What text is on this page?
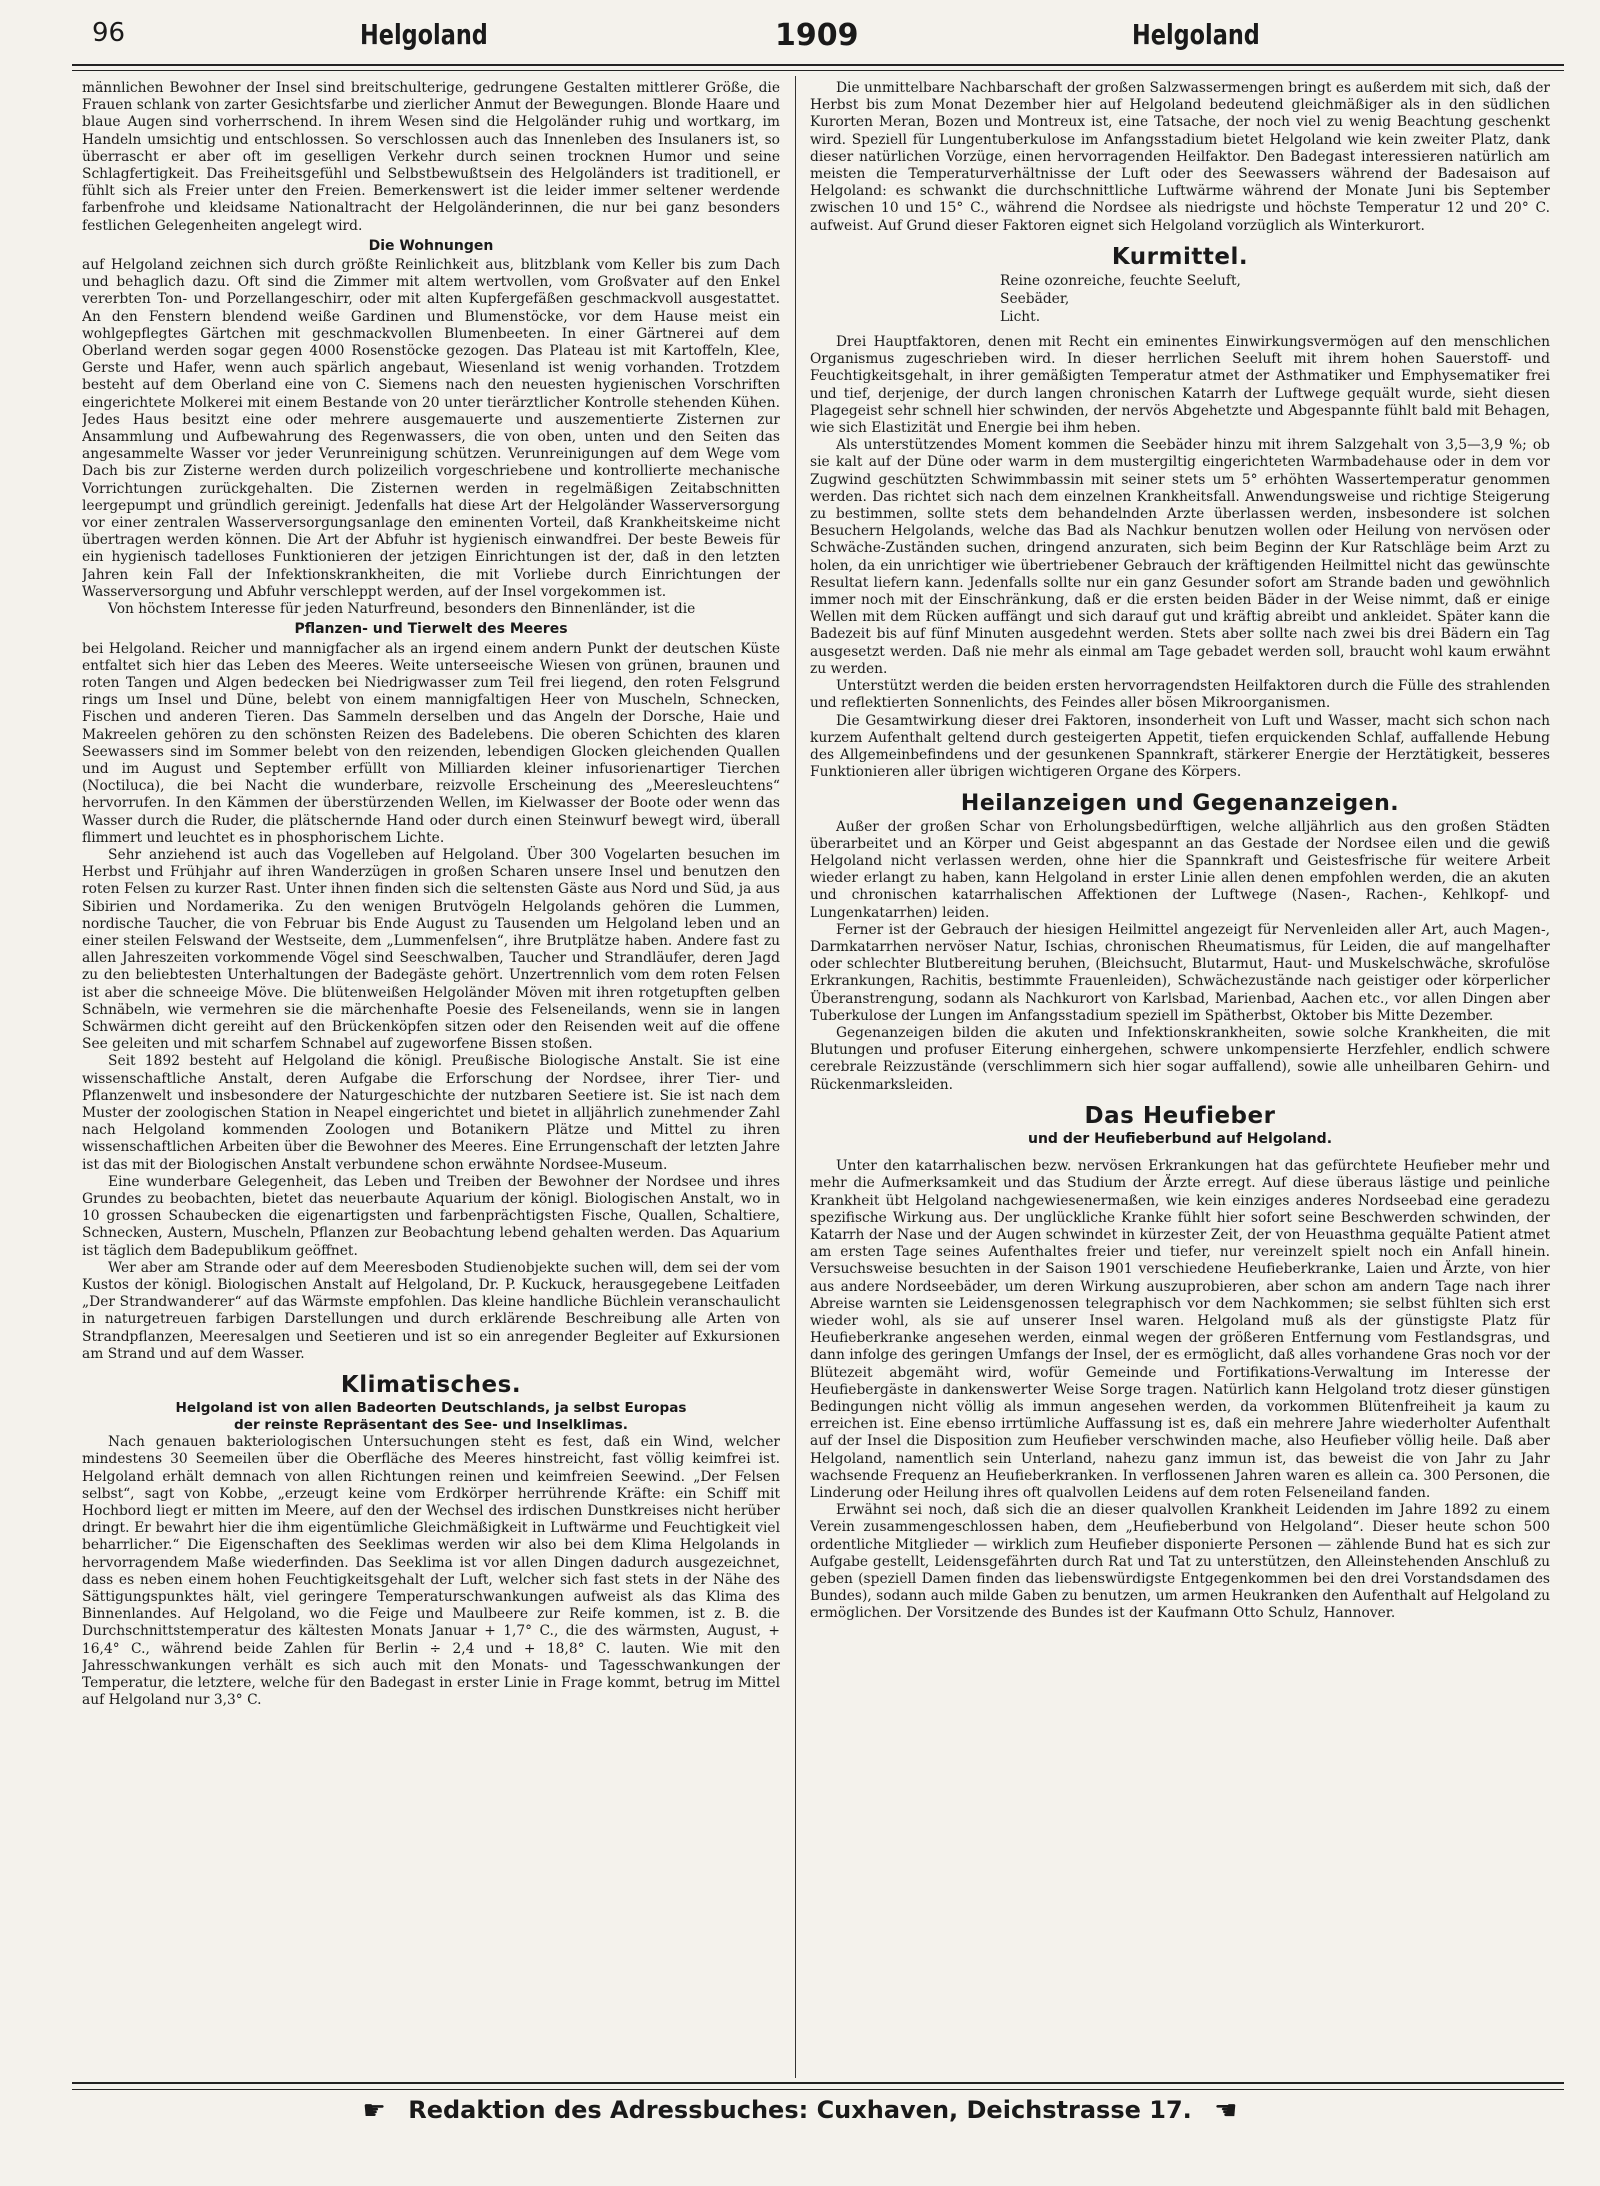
96	Helgoland	1909	Helgoland

männlichen Bewohner der Insel sind breitschulterige, gedrungene Gestalten mittlerer Größe, die Frauen schlank von zarter Gesichtsfarbe und zierlicher Anmut der Bewegungen. Blonde Haare und blaue Augen sind vorherrschend. In ihrem Wesen sind die Helgoländer ruhig und wortkarg, im Handeln umsichtig und entschlossen. So verschlossen auch das Innenleben des Insulaners ist, so überrascht er aber oft im geselligen Verkehr durch seinen trocknen Humor und seine Schlagfertigkeit. Das Freiheitsgefühl und Selbstbewußtsein des Helgoländers ist traditionell, er fühlt sich als Freier unter den Freien. Bemerkenswert ist die leider immer seltener werdende farbenfrohe und kleidsame Nationaltracht der Helgoländerinnen, die nur bei ganz besonders festlichen Gelegenheiten angelegt wird.

Die Wohnungen

auf Helgoland zeichnen sich durch größte Reinlichkeit aus, blitzblank vom Keller bis zum Dach und behaglich dazu. Oft sind die Zimmer mit altem wertvollen, vom Großvater auf den Enkel vererbten Ton- und Porzellangeschirr, oder mit alten Kupfergefäßen geschmackvoll ausgestattet. An den Fenstern blendend weiße Gardinen und Blumenstöcke, vor dem Hause meist ein wohlgepflegtes Gärtchen mit geschmackvollen Blumenbeeten. In einer Gärtnerei auf dem Oberland werden sogar gegen 4000 Rosenstöcke gezogen. Das Plateau ist mit Kartoffeln, Klee, Gerste und Hafer, wenn auch spärlich angebaut, Wiesenland ist wenig vorhanden. Trotzdem besteht auf dem Oberland eine von C. Siemens nach den neuesten hygienischen Vorschriften eingerichtete Molkerei mit einem Bestande von 20 unter tierärztlicher Kontrolle stehenden Kühen. Jedes Haus besitzt eine oder mehrere ausgemauerte und auszementierte Zisternen zur Ansammlung und Aufbewahrung des Regenwassers, die von oben, unten und den Seiten das angesammelte Wasser vor jeder Verunreinigung schützen. Verunreinigungen auf dem Wege vom Dach bis zur Zisterne werden durch polizeilich vorgeschriebene und kontrollierte mechanische Vorrichtungen zurückgehalten. Die Zisternen werden in regelmäßigen Zeitabschnitten leergepumpt und gründlich gereinigt. Jedenfalls hat diese Art der Helgoländer Wasserversorgung vor einer zentralen Wasserversorgungsanlage den eminenten Vorteil, daß Krankheitskeime nicht übertragen werden können. Die Art der Abfuhr ist hygienisch einwandfrei. Der beste Beweis für ein hygienisch tadelloses Funktionieren der jetzigen Einrichtungen ist der, daß in den letzten Jahren kein Fall der Infektionskrankheiten, die mit Vorliebe durch Einrichtungen der Wasserversorgung und Abfuhr verschleppt werden, auf der Insel vorgekommen ist.

Von höchstem Interesse für jeden Naturfreund, besonders den Binnenländer, ist die

Pflanzen- und Tierwelt des Meeres

bei Helgoland. Reicher und mannigfacher als an irgend einem andern Punkt der deutschen Küste entfaltet sich hier das Leben des Meeres. Weite unterseeische Wiesen von grünen, braunen und roten Tangen und Algen bedecken bei Niedrigwasser zum Teil frei liegend, den roten Felsgrund rings um Insel und Düne, belebt von einem mannigfaltigen Heer von Muscheln, Schnecken, Fischen und anderen Tieren. Das Sammeln derselben und das Angeln der Dorsche, Haie und Makreelen gehören zu den schönsten Reizen des Badelebens. Die oberen Schichten des klaren Seewassers sind im Sommer belebt von den reizenden, lebendigen Glocken gleichenden Quallen und im August und September erfüllt von Milliarden kleiner infusorienartiger Tierchen (Noctiluca), die bei Nacht die wunderbare, reizvolle Erscheinung des „Meeresleuchtens“ hervorrufen. In den Kämmen der überstürzenden Wellen, im Kielwasser der Boote oder wenn das Wasser durch die Ruder, die plätschernde Hand oder durch einen Steinwurf bewegt wird, überall flimmert und leuchtet es in phosphorischem Lichte.

Sehr anziehend ist auch das Vogelleben auf Helgoland. Über 300 Vogelarten besuchen im Herbst und Frühjahr auf ihren Wanderzügen in großen Scharen unsere Insel und benutzen den roten Felsen zu kurzer Rast. Unter ihnen finden sich die seltensten Gäste aus Nord und Süd, ja aus Sibirien und Nordamerika. Zu den wenigen Brutvögeln Helgolands gehören die Lummen, nordische Taucher, die von Februar bis Ende August zu Tausenden um Helgoland leben und an einer steilen Felswand der Westseite, dem „Lummenfelsen“, ihre Brutplätze haben. Andere fast zu allen Jahreszeiten vorkommende Vögel sind Seeschwalben, Taucher und Strandläufer, deren Jagd zu den beliebtesten Unterhaltungen der Badegäste gehört. Unzertrennlich vom dem roten Felsen ist aber die schneeige Möve. Die blütenweißen Helgoländer Möven mit ihren rotgetupften gelben Schnäbeln, wie vermehren sie die märchenhafte Poesie des Felseneilands, wenn sie in langen Schwärmen dicht gereiht auf den Brückenköpfen sitzen oder den Reisenden weit auf die offene See geleiten und mit scharfem Schnabel auf zugeworfene Bissen stoßen.

Seit 1892 besteht auf Helgoland die königl. Preußische Biologische Anstalt. Sie ist eine wissenschaftliche Anstalt, deren Aufgabe die Erforschung der Nordsee, ihrer Tier- und Pflanzenwelt und insbesondere der Naturgeschichte der nutzbaren Seetiere ist. Sie ist nach dem Muster der zoologischen Station in Neapel eingerichtet und bietet in alljährlich zunehmender Zahl nach Helgoland kommenden Zoologen und Botanikern Plätze und Mittel zu ihren wissenschaftlichen Arbeiten über die Bewohner des Meeres. Eine Errungenschaft der letzten Jahre ist das mit der Biologischen Anstalt verbundene schon erwähnte Nordsee-Museum.

Eine wunderbare Gelegenheit, das Leben und Treiben der Bewohner der Nordsee und ihres Grundes zu beobachten, bietet das neuerbaute Aquarium der königl. Biologischen Anstalt, wo in 10 grossen Schaubecken die eigenartigsten und farbenprächtigsten Fische, Quallen, Schaltiere, Schnecken, Austern, Muscheln, Pflanzen zur Beobachtung lebend gehalten werden. Das Aquarium ist täglich dem Badepublikum geöffnet.

Wer aber am Strande oder auf dem Meeresboden Studienobjekte suchen will, dem sei der vom Kustos der königl. Biologischen Anstalt auf Helgoland, Dr. P. Kuckuck, herausgegebene Leitfaden „Der Strandwanderer“ auf das Wärmste empfohlen. Das kleine handliche Büchlein veranschaulicht in naturgetreuen farbigen Darstellungen und durch erklärende Beschreibung alle Arten von Strandpflanzen, Meeresalgen und Seetieren und ist so ein anregender Begleiter auf Exkursionen am Strand und auf dem Wasser.

Klimatisches.
Helgoland ist von allen Badeorten Deutschlands, ja selbst Europas
der reinste Repräsentant des See- und Inselklimas.

Nach genauen bakteriologischen Untersuchungen steht es fest, daß ein Wind, welcher mindestens 30 Seemeilen über die Oberfläche des Meeres hinstreicht, fast völlig keimfrei ist. Helgoland erhält demnach von allen Richtungen reinen und keimfreien Seewind. „Der Felsen selbst“, sagt von Kobbe, „erzeugt keine vom Erdkörper herrührende Kräfte: ein Schiff mit Hochbord liegt er mitten im Meere, auf den der Wechsel des irdischen Dunstkreises nicht herüber dringt. Er bewahrt hier die ihm eigentümliche Gleichmäßigkeit in Luftwärme und Feuchtigkeit viel beharrlicher.“ Die Eigenschaften des Seeklimas werden wir also bei dem Klima Helgolands in hervorragendem Maße wiederfinden. Das Seeklima ist vor allen Dingen dadurch ausgezeichnet, dass es neben einem hohen Feuchtigkeitsgehalt der Luft, welcher sich fast stets in der Nähe des Sättigungspunktes hält, viel geringere Temperaturschwankungen aufweist als das Klima des Binnenlandes. Auf Helgoland, wo die Feige und Maulbeere zur Reife kommen, ist z. B. die Durchschnittstemperatur des kältesten Monats Januar + 1,7° C., die des wärmsten, August, + 16,4° C., während beide Zahlen für Berlin ÷ 2,4 und + 18,8° C. lauten. Wie mit den Jahresschwankungen verhält es sich auch mit den Monats- und Tagesschwankungen der Temperatur, die letztere, welche für den Badegast in erster Linie in Frage kommt, betrug im Mittel auf Helgoland nur 3,3° C.

Die unmittelbare Nachbarschaft der großen Salzwassermengen bringt es außerdem mit sich, daß der Herbst bis zum Monat Dezember hier auf Helgoland bedeutend gleichmäßiger als in den südlichen Kurorten Meran, Bozen und Montreux ist, eine Tatsache, der noch viel zu wenig Beachtung geschenkt wird. Speziell für Lungentuberkulose im Anfangsstadium bietet Helgoland wie kein zweiter Platz, dank dieser natürlichen Vorzüge, einen hervorragenden Heilfaktor. Den Badegast interessieren natürlich am meisten die Temperaturverhältnisse der Luft oder des Seewassers während der Badesaison auf Helgoland: es schwankt die durchschnittliche Luftwärme während der Monate Juni bis September zwischen 10 und 15° C., während die Nordsee als niedrigste und höchste Temperatur 12 und 20° C. aufweist. Auf Grund dieser Faktoren eignet sich Helgoland vorzüglich als Winterkurort.

Kurmittel.
Reine ozonreiche, feuchte Seeluft,
Seebäder,
Licht.

Drei Hauptfaktoren, denen mit Recht ein eminentes Einwirkungsvermögen auf den menschlichen Organismus zugeschrieben wird. In dieser herrlichen Seeluft mit ihrem hohen Sauerstoff- und Feuchtigkeitsgehalt, in ihrer gemäßigten Temperatur atmet der Asthmatiker und Emphysematiker frei und tief, derjenige, der durch langen chronischen Katarrh der Luftwege gequält wurde, sieht diesen Plagegeist sehr schnell hier schwinden, der nervös Abgehetzte und Abgespannte fühlt bald mit Behagen, wie sich Elastizität und Energie bei ihm heben.

Als unterstützendes Moment kommen die Seebäder hinzu mit ihrem Salzgehalt von 3,5—3,9 %; ob sie kalt auf der Düne oder warm in dem mustergiltig eingerichteten Warmbadehause oder in dem vor Zugwind geschützten Schwimmbassin mit seiner stets um 5° erhöhten Wassertemperatur genommen werden. Das richtet sich nach dem einzelnen Krankheitsfall. Anwendungsweise und richtige Steigerung zu bestimmen, sollte stets dem behandelnden Arzte überlassen werden, insbesondere ist solchen Besuchern Helgolands, welche das Bad als Nachkur benutzen wollen oder Heilung von nervösen oder Schwäche-Zuständen suchen, dringend anzuraten, sich beim Beginn der Kur Ratschläge beim Arzt zu holen, da ein unrichtiger wie übertriebener Gebrauch der kräftigenden Heilmittel nicht das gewünschte Resultat liefern kann. Jedenfalls sollte nur ein ganz Gesunder sofort am Strande baden und gewöhnlich immer noch mit der Einschränkung, daß er die ersten beiden Bäder in der Weise nimmt, daß er einige Wellen mit dem Rücken auffängt und sich darauf gut und kräftig abreibt und ankleidet. Später kann die Badezeit bis auf fünf Minuten ausgedehnt werden. Stets aber sollte nach zwei bis drei Bädern ein Tag ausgesetzt werden. Daß nie mehr als einmal am Tage gebadet werden soll, braucht wohl kaum erwähnt zu werden.

Unterstützt werden die beiden ersten hervorragendsten Heilfaktoren durch die Fülle des strahlenden und reflektierten Sonnenlichts, des Feindes aller bösen Mikroorganismen.

Die Gesamtwirkung dieser drei Faktoren, insonderheit von Luft und Wasser, macht sich schon nach kurzem Aufenthalt geltend durch gesteigerten Appetit, tiefen erquickenden Schlaf, auffallende Hebung des Allgemeinbefindens und der gesunkenen Spannkraft, stärkerer Energie der Herztätigkeit, besseres Funktionieren aller übrigen wichtigeren Organe des Körpers.

Heilanzeigen und Gegenanzeigen.

Außer der großen Schar von Erholungsbedürftigen, welche alljährlich aus den großen Städten überarbeitet und an Körper und Geist abgespannt an das Gestade der Nordsee eilen und die gewiß Helgoland nicht verlassen werden, ohne hier die Spannkraft und Geistesfrische für weitere Arbeit wieder erlangt zu haben, kann Helgoland in erster Linie allen denen empfohlen werden, die an akuten und chronischen katarrhalischen Affektionen der Luftwege (Nasen-, Rachen-, Kehlkopf- und Lungenkatarrhen) leiden.

Ferner ist der Gebrauch der hiesigen Heilmittel angezeigt für Nervenleiden aller Art, auch Magen-, Darmkatarrhen nervöser Natur, Ischias, chronischen Rheumatismus, für Leiden, die auf mangelhafter oder schlechter Blutbereitung beruhen, (Bleichsucht, Blutarmut, Haut- und Muskelschwäche, skrofulöse Erkrankungen, Rachitis, bestimmte Frauenleiden), Schwächezustände nach geistiger oder körperlicher Überanstrengung, sodann als Nachkurort von Karlsbad, Marienbad, Aachen etc., vor allen Dingen aber Tuberkulose der Lungen im Anfangsstadium speziell im Spätherbst, Oktober bis Mitte Dezember.

Gegenanzeigen bilden die akuten und Infektionskrankheiten, sowie solche Krankheiten, die mit Blutungen und profuser Eiterung einhergehen, schwere unkompensierte Herzfehler, endlich schwere cerebrale Reizzustände (verschlimmern sich hier sogar auffallend), sowie alle unheilbaren Gehirn- und Rückenmarksleiden.

Das Heufieber
und der Heufieberbund auf Helgoland.

Unter den katarrhalischen bezw. nervösen Erkrankungen hat das gefürchtete Heufieber mehr und mehr die Aufmerksamkeit und das Studium der Ärzte erregt. Auf diese überaus lästige und peinliche Krankheit übt Helgoland nachgewiesenermaßen, wie kein einziges anderes Nordseebad eine geradezu spezifische Wirkung aus. Der unglückliche Kranke fühlt hier sofort seine Beschwerden schwinden, der Katarrh der Nase und der Augen schwindet in kürzester Zeit, der von Heuasthma gequälte Patient atmet am ersten Tage seines Aufenthaltes freier und tiefer, nur vereinzelt spielt noch ein Anfall hinein. Versuchsweise besuchten in der Saison 1901 verschiedene Heufieberkranke, Laien und Ärzte, von hier aus andere Nordseebäder, um deren Wirkung auszuprobieren, aber schon am andern Tage nach ihrer Abreise warnten sie Leidensgenossen telegraphisch vor dem Nachkommen; sie selbst fühlten sich erst wieder wohl, als sie auf unserer Insel waren. Helgoland muß als der günstigste Platz für Heufieberkranke angesehen werden, einmal wegen der größeren Entfernung vom Festlandsgras, und dann infolge des geringen Umfangs der Insel, der es ermöglicht, daß alles vorhandene Gras noch vor der Blütezeit abgemäht wird, wofür Gemeinde und Fortifikations-Verwaltung im Interesse der Heufiebergäste in dankenswerter Weise Sorge tragen. Natürlich kann Helgoland trotz dieser günstigen Bedingungen nicht völlig als immun angesehen werden, da vorkommen Blütenfreiheit ja kaum zu erreichen ist. Eine ebenso irrtümliche Auffassung ist es, daß ein mehrere Jahre wiederholter Aufenthalt auf der Insel die Disposition zum Heufieber verschwinden mache, also Heufieber völlig heile. Daß aber Helgoland, namentlich sein Unterland, nahezu ganz immun ist, das beweist die von Jahr zu Jahr wachsende Frequenz an Heufieberkranken. In verflossenen Jahren waren es allein ca. 300 Personen, die Linderung oder Heilung ihres oft qualvollen Leidens auf dem roten Felseneiland fanden.

Erwähnt sei noch, daß sich die an dieser qualvollen Krankheit Leidenden im Jahre 1892 zu einem Verein zusammengeschlossen haben, dem „Heufieberbund von Helgoland“. Dieser heute schon 500 ordentliche Mitglieder — wirklich zum Heufieber disponierte Personen — zählende Bund hat es sich zur Aufgabe gestellt, Leidensgefährten durch Rat und Tat zu unterstützen, den Alleinstehenden Anschluß zu geben (speziell Damen finden das liebenswürdigste Entgegenkommen bei den drei Vorstandsdamen des Bundes), sodann auch milde Gaben zu benutzen, um armen Heukranken den Aufenthalt auf Helgoland zu ermöglichen. Der Vorsitzende des Bundes ist der Kaufmann Otto Schulz, Hannover.

☛ Redaktion des Adressbuches: Cuxhaven, Deichstrasse 17. ☚
